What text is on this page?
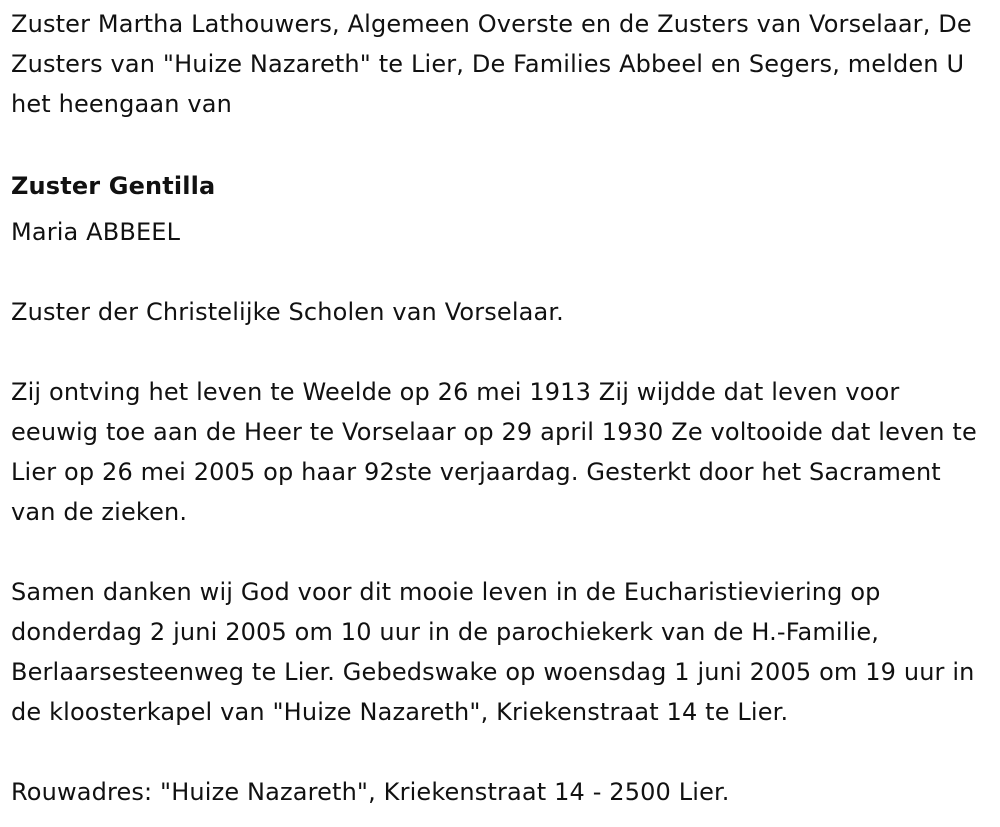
Zuster Martha Lathouwers, Algemeen Overste en de Zusters van Vorselaar, De Zusters van "Huize Nazareth" te Lier, De Families Abbeel en Segers, melden U het heengaan van

Zuster Gentilla

Maria ABBEEL

Zuster der Christelijke Scholen van Vorselaar.

Zij ontving het leven te Weelde op 26 mei 1913 Zij wijdde dat leven voor eeuwig toe aan de Heer te Vorselaar op 29 april 1930 Ze voltooide dat leven te Lier op 26 mei 2005 op haar 92ste verjaardag. Gesterkt door het Sacrament van de zieken.

Samen danken wij God voor dit mooie leven in de Eucharistieviering op donderdag 2 juni 2005 om 10 uur in de parochiekerk van de H.-Familie, Berlaarsesteenweg te Lier. Gebedswake op woensdag 1 juni 2005 om 19 uur in de kloosterkapel van "Huize Nazareth", Kriekenstraat 14 te Lier.

Rouwadres: "Huize Nazareth", Kriekenstraat 14 - 2500 Lier.
